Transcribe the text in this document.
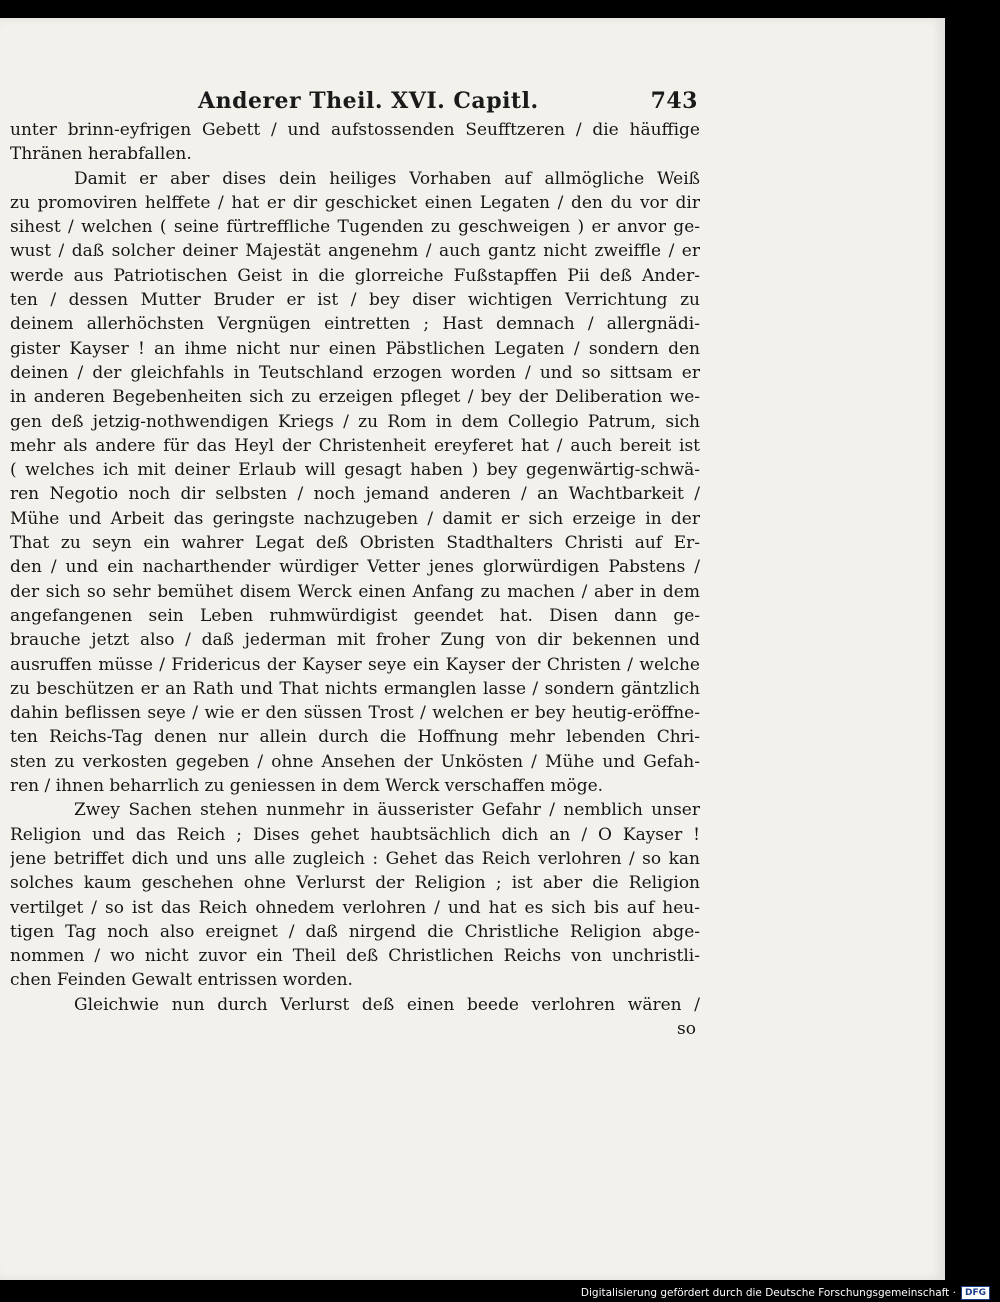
Anderer Theil. XVI. Capitl.	743
unter brinn-eyfrigen Gebett / und aufstossenden Seufftzeren / die häuffige
Thränen herabfallen.
Damit er aber dises dein heiliges Vorhaben auf allmögliche Weiß
zu promoviren helffete / hat er dir geschicket einen Legaten / den du vor dir
sihest / welchen ( seine fürtreffliche Tugenden zu geschweigen ) er anvor ge-
wust / daß solcher deiner Majestät angenehm / auch gantz nicht zweiffle / er
werde aus Patriotischen Geist in die glorreiche Fußstapffen Pii deß Ander-
ten / dessen Mutter Bruder er ist / bey diser wichtigen Verrichtung zu
deinem allerhöchsten Vergnügen eintretten ; Hast demnach / allergnädi-
gister Kayser ! an ihme nicht nur einen Päbstlichen Legaten / sondern den
deinen / der gleichfahls in Teutschland erzogen worden / und so sittsam er
in anderen Begebenheiten sich zu erzeigen pfleget / bey der Deliberation we-
gen deß jetzig-nothwendigen Kriegs / zu Rom in dem Collegio Patrum, sich
mehr als andere für das Heyl der Christenheit ereyferet hat / auch bereit ist
( welches ich mit deiner Erlaub will gesagt haben ) bey gegenwärtig-schwä-
ren Negotio noch dir selbsten / noch jemand anderen / an Wachtbarkeit /
Mühe und Arbeit das geringste nachzugeben / damit er sich erzeige in der
That zu seyn ein wahrer Legat deß Obristen Stadthalters Christi auf Er-
den / und ein nacharthender würdiger Vetter jenes glorwürdigen Pabstens /
der sich so sehr bemühet disem Werck einen Anfang zu machen / aber in dem
angefangenen sein Leben ruhmwürdigist geendet hat. Disen dann ge-
brauche jetzt also / daß jederman mit froher Zung von dir bekennen und
ausruffen müsse / Fridericus der Kayser seye ein Kayser der Christen / welche
zu beschützen er an Rath und That nichts ermanglen lasse / sondern gäntzlich
dahin beflissen seye / wie er den süssen Trost / welchen er bey heutig-eröffne-
ten Reichs-Tag denen nur allein durch die Hoffnung mehr lebenden Chri-
sten zu verkosten gegeben / ohne Ansehen der Unkösten / Mühe und Gefah-
ren / ihnen beharrlich zu geniessen in dem Werck verschaffen möge.
Zwey Sachen stehen nunmehr in äusserister Gefahr / nemblich unser
Religion und das Reich ; Dises gehet haubtsächlich dich an / O Kayser !
jene betriffet dich und uns alle zugleich : Gehet das Reich verlohren / so kan
solches kaum geschehen ohne Verlurst der Religion ; ist aber die Religion
vertilget / so ist das Reich ohnedem verlohren / und hat es sich bis auf heu-
tigen Tag noch also ereignet / daß nirgend die Christliche Religion abge-
nommen / wo nicht zuvor ein Theil deß Christlichen Reichs von unchristli-
chen Feinden Gewalt entrissen worden.
Gleichwie nun durch Verlurst deß einen beede verlohren wären /
so
Digitalisierung gefördert durch die Deutsche Forschungsgemeinschaft ·	DFG
